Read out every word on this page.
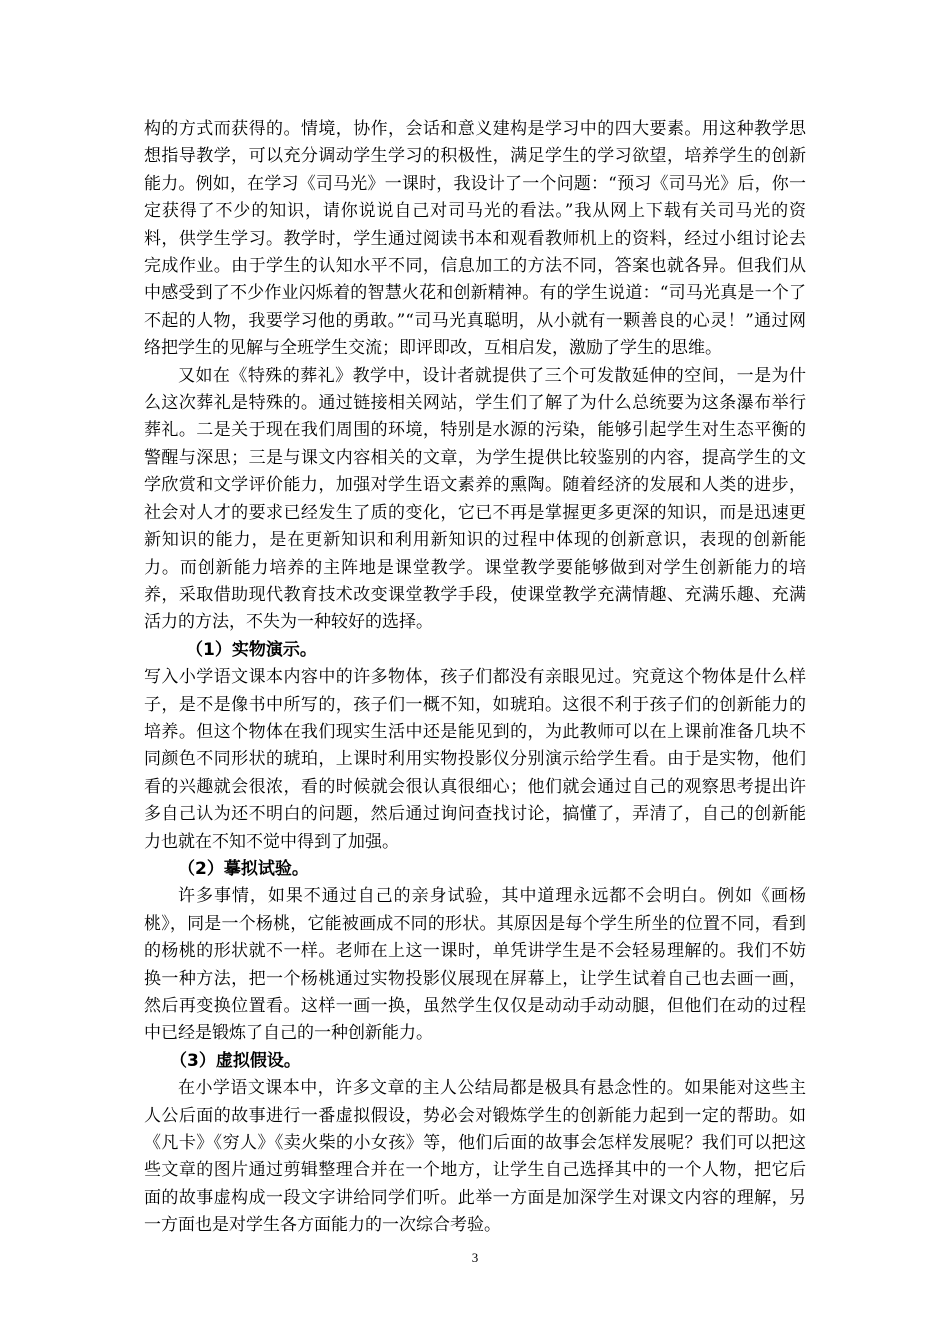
构的方式而获得的。情境，协作，会话和意义建构是学习中的四大要素。用这种教学思想指导教学，可以充分调动学生学习的积极性，满足学生的学习欲望，培养学生的创新能力。例如，在学习《司马光》一课时，我设计了一个问题：“预习《司马光》后，你一定获得了不少的知识，请你说说自己对司马光的看法。”我从网上下载有关司马光的资料，供学生学习。教学时，学生通过阅读书本和观看教师机上的资料，经过小组讨论去完成作业。由于学生的认知水平不同，信息加工的方法不同，答案也就各异。但我们从中感受到了不少作业闪烁着的智慧火花和创新精神。有的学生说道：“司马光真是一个了不起的人物，我要学习他的勇敢。”“司马光真聪明，从小就有一颗善良的心灵！”通过网络把学生的见解与全班学生交流；即评即改，互相启发，激励了学生的思维。

又如在《特殊的葬礼》教学中，设计者就提供了三个可发散延伸的空间，一是为什么这次葬礼是特殊的。通过链接相关网站，学生们了解了为什么总统要为这条瀑布举行葬礼。二是关于现在我们周围的环境，特别是水源的污染，能够引起学生对生态平衡的警醒与深思；三是与课文内容相关的文章，为学生提供比较鉴别的内容，提高学生的文学欣赏和文学评价能力，加强对学生语文素养的熏陶。随着经济的发展和人类的进步，社会对人才的要求已经发生了质的变化，它已不再是掌握更多更深的知识，而是迅速更新知识的能力，是在更新知识和利用新知识的过程中体现的创新意识，表现的创新能力。而创新能力培养的主阵地是课堂教学。课堂教学要能够做到对学生创新能力的培养，采取借助现代教育技术改变课堂教学手段，使课堂教学充满情趣、充满乐趣、充满活力的方法，不失为一种较好的选择。

（1）实物演示。

写入小学语文课本内容中的许多物体，孩子们都没有亲眼见过。究竟这个物体是什么样子，是不是像书中所写的，孩子们一概不知，如琥珀。这很不利于孩子们的创新能力的培养。但这个物体在我们现实生活中还是能见到的，为此教师可以在上课前准备几块不同颜色不同形状的琥珀，上课时利用实物投影仪分别演示给学生看。由于是实物，他们看的兴趣就会很浓，看的时候就会很认真很细心；他们就会通过自己的观察思考提出许多自己认为还不明白的问题，然后通过询问查找讨论，搞懂了，弄清了，自己的创新能力也就在不知不觉中得到了加强。

（2）摹拟试验。

许多事情，如果不通过自己的亲身试验，其中道理永远都不会明白。例如《画杨桃》，同是一个杨桃，它能被画成不同的形状。其原因是每个学生所坐的位置不同，看到的杨桃的形状就不一样。老师在上这一课时，单凭讲学生是不会轻易理解的。我们不妨换一种方法，把一个杨桃通过实物投影仪展现在屏幕上，让学生试着自己也去画一画，然后再变换位置看。这样一画一换，虽然学生仅仅是动动手动动腿，但他们在动的过程中已经是锻炼了自己的一种创新能力。

（3）虚拟假设。

在小学语文课本中，许多文章的主人公结局都是极具有悬念性的。如果能对这些主人公后面的故事进行一番虚拟假设，势必会对锻炼学生的创新能力起到一定的帮助。如《凡卡》《穷人》《卖火柴的小女孩》等，他们后面的故事会怎样发展呢？我们可以把这些文章的图片通过剪辑整理合并在一个地方，让学生自己选择其中的一个人物，把它后面的故事虚构成一段文字讲给同学们听。此举一方面是加深学生对课文内容的理解，另一方面也是对学生各方面能力的一次综合考验。

3
